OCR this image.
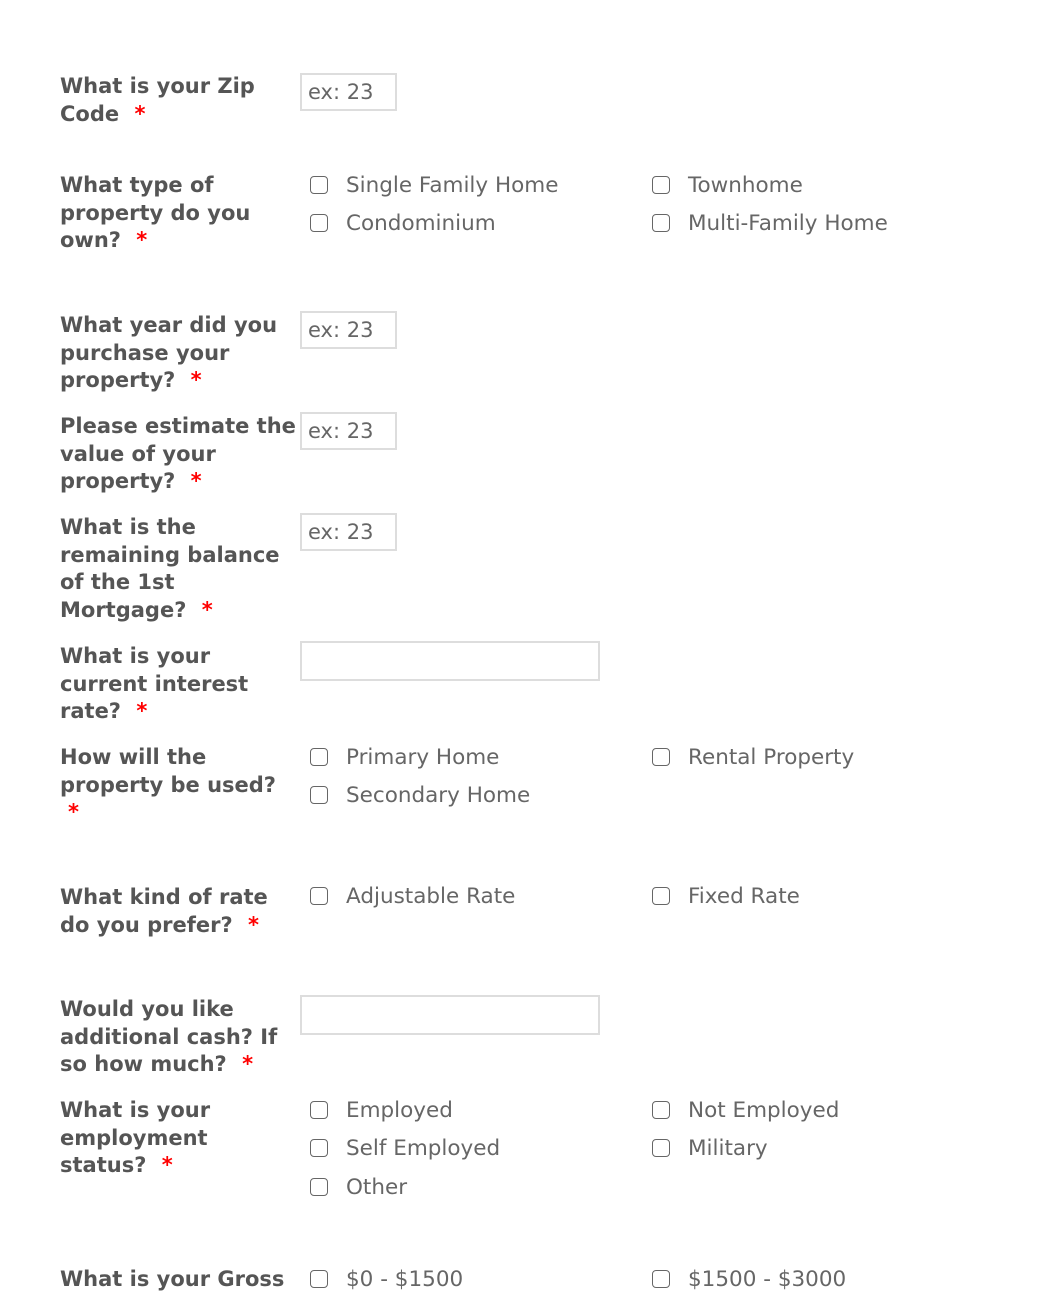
What is your Zip Code *
ex: 23
What type of property do you own? *
Single Family Home	Townhome
Condominium	Multi-Family Home
What year did you purchase your property? *
ex: 23
Please estimate the value of your property? *
ex: 23
What is the remaining balance of the 1st Mortgage? *
ex: 23
What is your current interest rate? *
How will the property be used? *
Primary Home	Rental Property
Secondary Home
What kind of rate do you prefer? *
Adjustable Rate	Fixed Rate
Would you like additional cash? If so how much? *
What is your employment status? *
Employed	Not Employed
Self Employed	Military
Other
What is your Gross	$0 - $1500	$1500 - $3000
